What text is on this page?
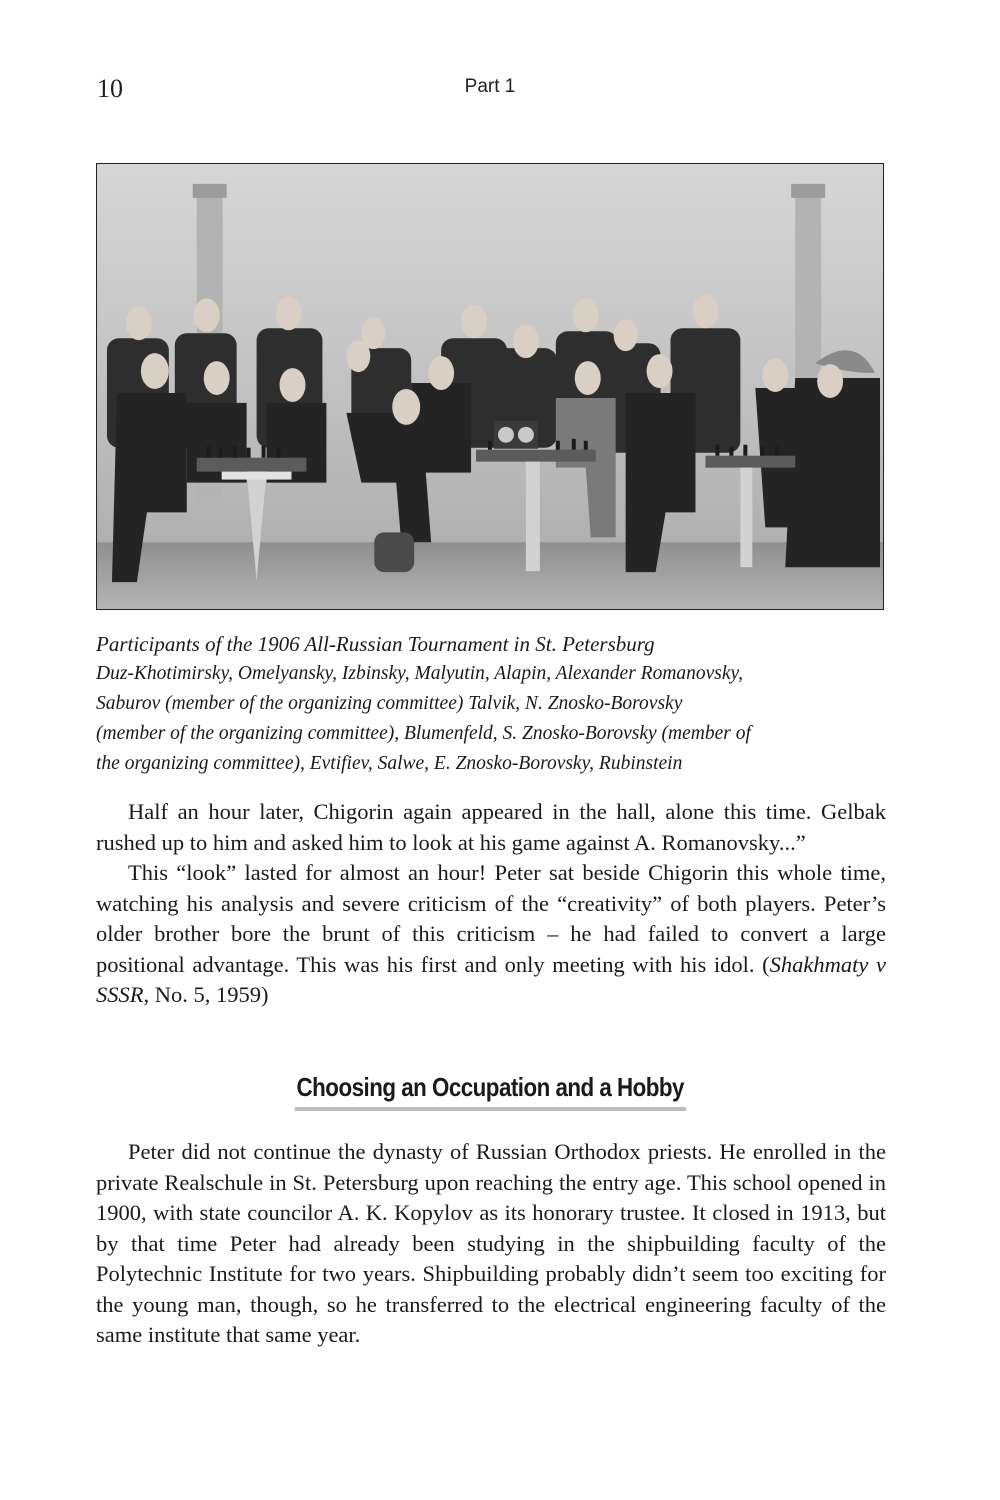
10	Part 1
Participants of the 1906 All-Russian Tournament in St. Petersburg
Duz-Khotimirsky, Omelyansky, Izbinsky, Malyutin, Alapin, Alexander Romanovsky,
Saburov (member of the organizing committee) Talvik, N. Znosko-Borovsky
(member of the organizing committee), Blumenfeld, S. Znosko-Borovsky (member of
the organizing committee), Evtifiev, Salwe, E. Znosko-Borovsky, Rubinstein

Half an hour later, Chigorin again appeared in the hall, alone this time. Gelbak rushed up to him and asked him to look at his game against A. Romanovsky...”

This “look” lasted for almost an hour! Peter sat beside Chigorin this whole time, watching his analysis and severe criticism of the “creativity” of both players. Peter’s older brother bore the brunt of this criticism – he had failed to convert a large positional advantage. This was his first and only meeting with his idol. (Shakhmaty v SSSR, No. 5, 1959)

Choosing an Occupation and a Hobby

Peter did not continue the dynasty of Russian Orthodox priests. He enrolled in the private Realschule in St. Petersburg upon reaching the entry age. This school opened in 1900, with state councilor A. K. Kopylov as its honorary trustee. It closed in 1913, but by that time Peter had already been studying in the shipbuilding faculty of the Polytechnic Institute for two years. Shipbuilding probably didn’t seem too exciting for the young man, though, so he transferred to the electrical engineering faculty of the same institute that same year.
